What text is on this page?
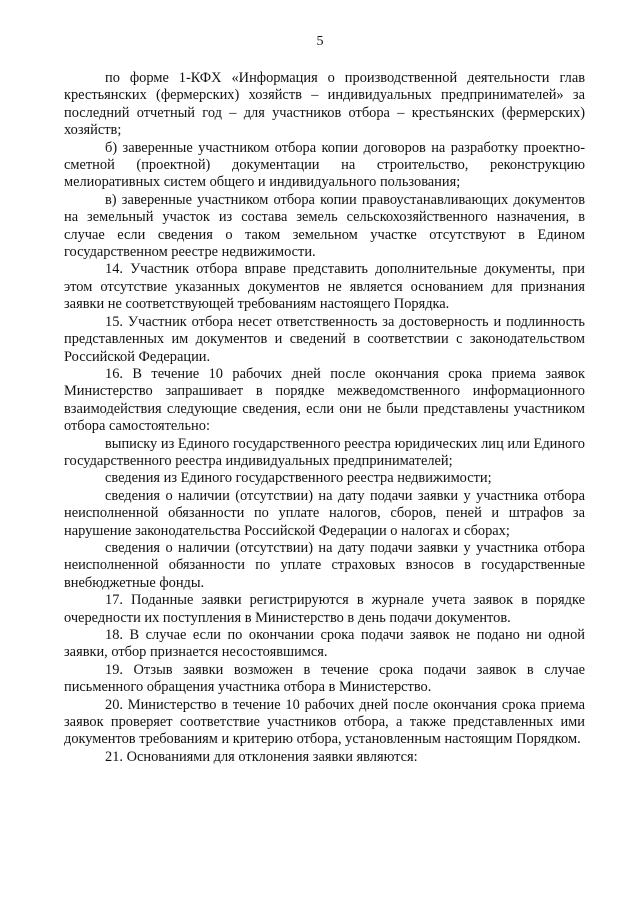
5

по форме 1-КФХ «Информация о производственной деятельности глав крестьянских (фермерских) хозяйств – индивидуальных предпринимателей» за последний отчетный год – для участников отбора – крестьянских (фермерских) хозяйств;

б) заверенные участником отбора копии договоров на разработку проектно-сметной (проектной) документации на строительство, реконструкцию мелиоративных систем общего и индивидуального пользования;

в) заверенные участником отбора копии правоустанавливающих документов на земельный участок из состава земель сельскохозяйственного назначения, в случае если сведения о таком земельном участке отсутствуют в Едином государственном реестре недвижимости.

14. Участник отбора вправе представить дополнительные документы, при этом отсутствие указанных документов не является основанием для признания заявки не соответствующей требованиям настоящего Порядка.

15. Участник отбора несет ответственность за достоверность и подлинность представленных им документов и сведений в соответствии с законодательством Российской Федерации.

16. В течение 10 рабочих дней после окончания срока приема заявок Министерство запрашивает в порядке межведомственного информационного взаимодействия следующие сведения, если они не были представлены участником отбора самостоятельно:

выписку из Единого государственного реестра юридических лиц или Единого государственного реестра индивидуальных предпринимателей;

сведения из Единого государственного реестра недвижимости;

сведения о наличии (отсутствии) на дату подачи заявки у участника отбора неисполненной обязанности по уплате налогов, сборов, пеней и штрафов за нарушение законодательства Российской Федерации о налогах и сборах;

сведения о наличии (отсутствии) на дату подачи заявки у участника отбора неисполненной обязанности по уплате страховых взносов в государственные внебюджетные фонды.

17. Поданные заявки регистрируются в журнале учета заявок в порядке очередности их поступления в Министерство в день подачи документов.

18. В случае если по окончании срока подачи заявок не подано ни одной заявки, отбор признается несостоявшимся.

19. Отзыв заявки возможен в течение срока подачи заявок в случае письменного обращения участника отбора в Министерство.

20. Министерство в течение 10 рабочих дней после окончания срока приема заявок проверяет соответствие участников отбора, а также представленных ими документов требованиям и критерию отбора, установленным настоящим Порядком.

21. Основаниями для отклонения заявки являются:
